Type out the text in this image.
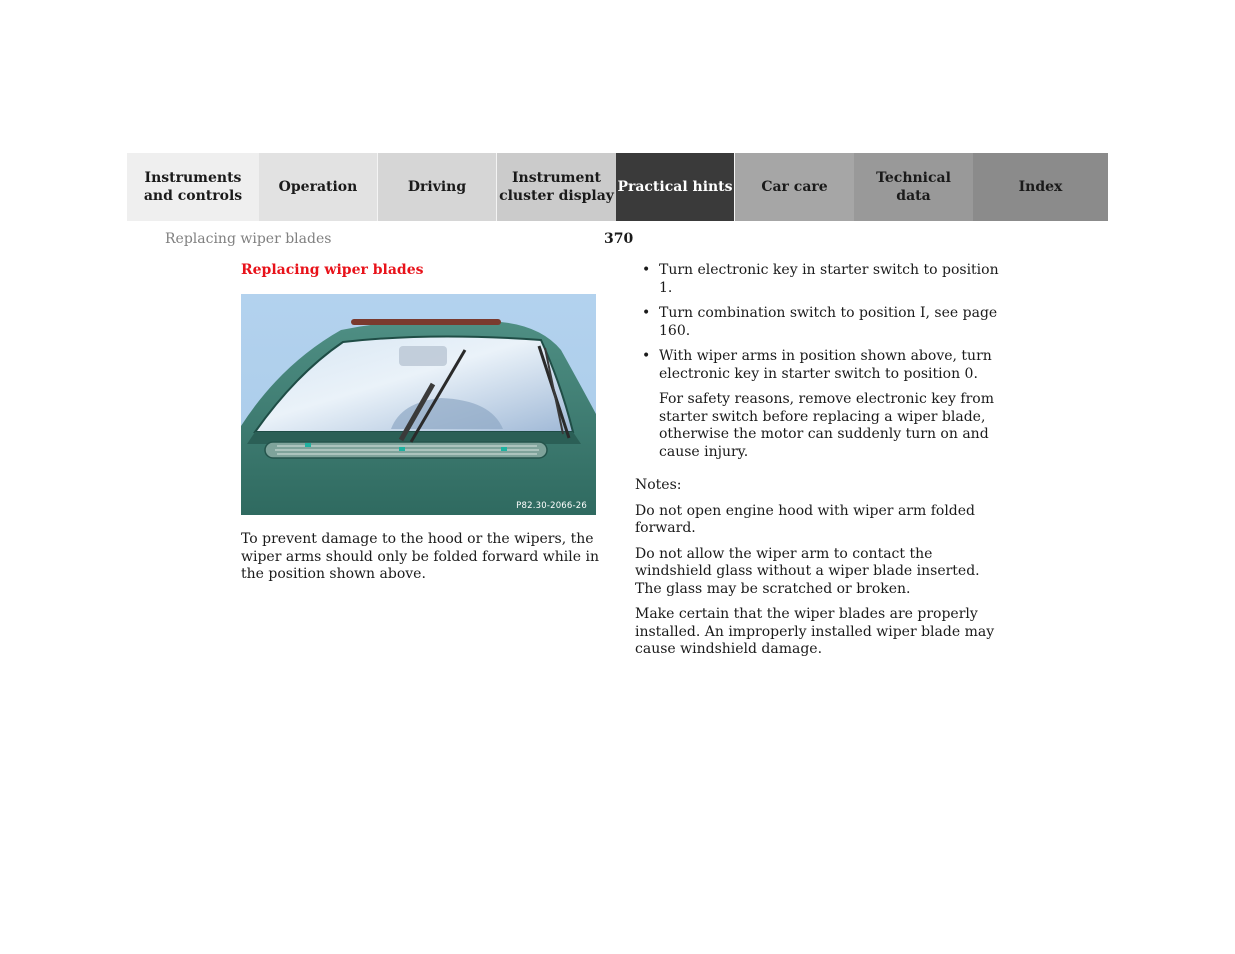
Instruments
and controls
Operation	Driving
Instrument
cluster display
Practical hints Car care
Technical
data
Index
Replacing wiper blades	370
Replacing wiper blades
P82.30-2066-26

To prevent damage to the hood or the wipers, the wiper arms should only be folded forward while in the position shown above.

• Turn electronic key in starter switch to position 1.
• Turn combination switch to position I, see page 160.
• With wiper arms in position shown above, turn electronic key in starter switch to position 0.

For safety reasons, remove electronic key from starter switch before replacing a wiper blade, otherwise the motor can suddenly turn on and cause injury.

Notes:

Do not open engine hood with wiper arm folded forward.

Do not allow the wiper arm to contact the windshield glass without a wiper blade inserted. The glass may be scratched or broken.

Make certain that the wiper blades are properly installed. An improperly installed wiper blade may cause windshield damage.
